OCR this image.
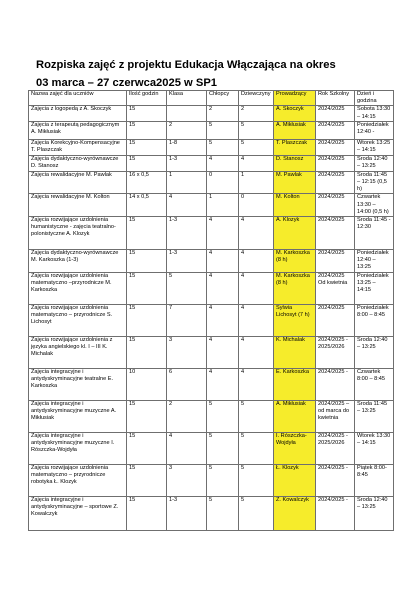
Rozpiska zajęć z projektu Edukacja Włączająca na okres
03 marca – 27 czerwca2025 w SP1
Nazwa zajęć dla uczniów	Ilość godzin	Klasa	Chłopcy	Dziewczyny	Prowadzący	Rok Szkolny	Dzień i godzina
Zajęcia z logopedą z A. Skoczyk	15		2	2	A. Skoczyk	2024/2025	Sobota 13:30 – 14:15
Zajęcia z terapeutą pedagogicznym A. Mikłusiak	15	2	5	5	A. Mikłusiak	2024/2025	Poniedziałek 12:40 -
Zajęcia Korekcyjno-Kompensacyjne T. Plaszczak	15	1-8	5	5	T. Plaszczak	2024/2025	Wtorek 13:25 – 14:15
Zajęcia dydaktyczno-wyrównawcze D. Stanosz	15	1-3	4	4	D. Stanosz	2024/2025	Środa 12:40 – 13:25
Zajęcia rewalidacyjne M. Pawlak	16 x 0,5	1	0	1	M. Pawlak	2024/2025	Środa 11:45 – 12:15 (0,5 h)
Zajęcia rewalidacyjne M. Kolton	14 x 0,5	4	1	0	M. Kolton	2024/2025	Czwartek 13:30 – 14:00 (0,5 h)
Zajęcia rozwijające uzdolnienia humanistyczne - zajęcia teatralno-polonistyczne A. Klozyk	15	1-3	4	4	A. Klozyk	2024/2025	Środa 11:45 - 12:30
Zajęcia dydaktyczno-wyrównawcze M. Karkoszka (1-3)	15	1-3	4	4	M. Karkoszka (8 h)	2024/2025	Poniedziałek 12:40 – 13:25
Zajęcia rozwijające uzdolnienia matematyczno –przyrodnicze M. Karkoszka	15	5	4	4	M. Karkoszka (8 h)	2024/2025 Od kwietnia	Poniedziałek 13:25 – 14:15
Zajęcia rozwijające uzdolnienia matematyczno – przyrodnicze S. Lichosyt	15	7	4	4	Sylwia Lichosyt (7 h)	2024/2025	Poniedziałek 8:00 – 8:45
Zajęcia rozwijające uzdolnienia z języka angielskiego kl. I – III K. Michalak	15	3	4	4	K. Michalak	2024/2025 - 2025/2026	Środa 12:40 – 13:25
Zajęcia integracyjne i antydyskryminacyjne teatralne E. Karkoszka	10	6	4	4	E. Karkoszka	2024/2025 -	Czwartek 8:00 – 8:45
Zajęcia integracyjne i antydyskryminacyjne muzyczne A. Mikłusiak	15	2	5	5	A. Mikłusiak	2024/2025 – od marca do kwietnia	Środa 11:45 – 13:25
Zajęcia integracyjne i antydyskryminacyjne muzyczne I. Rószczka-Wojdyła	15	4	5	5	I. Rószczka-Wojdyła	2024/2025 - 2025/2026	Wtorek 13:30 – 14:15
Zajęcia rozwijające uzdolnienia matematyczno – przyrodnicze robotyka Ł. Klozyk	15	3	5	5	Ł. Klozyk	2024/2025 -	Piątek 8:00-8:45
Zajęcia integracyjne i antydyskryminacyjne – sportowe Z. Kowalczyk	15	1-3	5	5	Z. Kowalczyk	2024/2025 -	Środa 12:40 – 13:25
